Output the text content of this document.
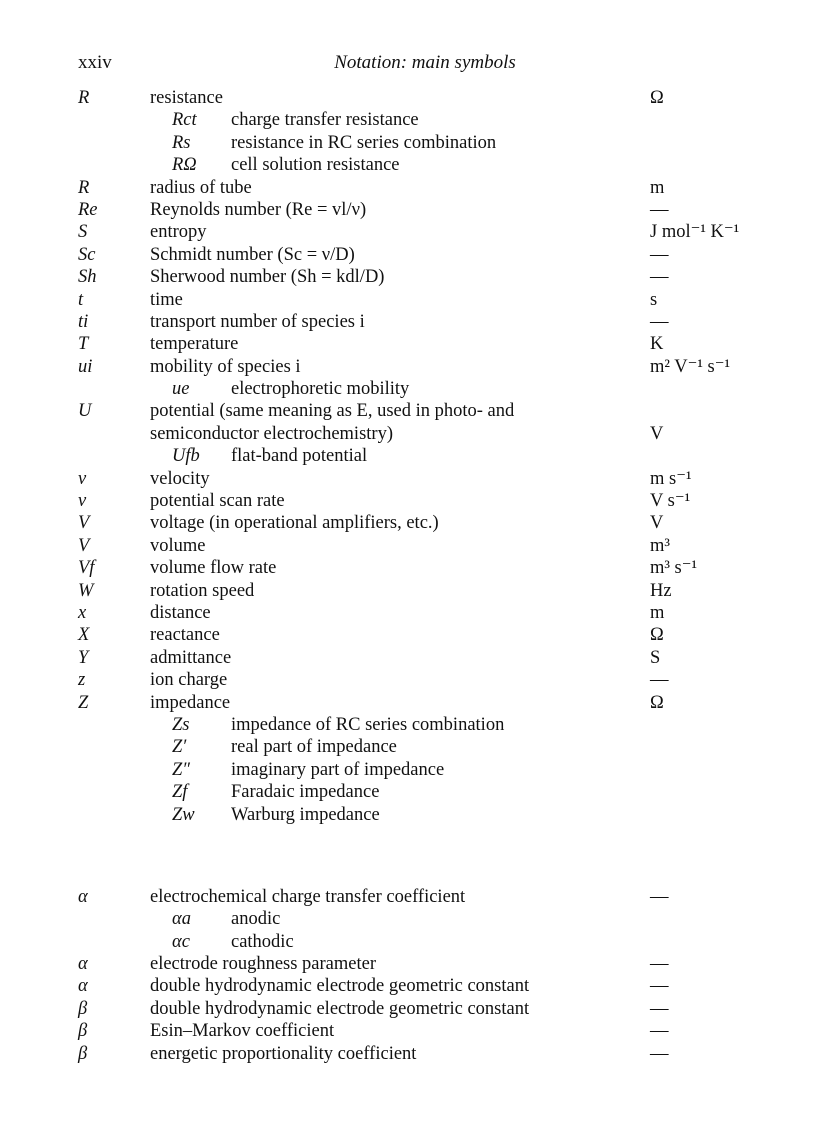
xxiv	Notation: main symbols
R	resistance	Ω
Rct charge transfer resistance
Rs resistance in RC series combination
RΩ cell solution resistance
R	radius of tube	m
Re	Reynolds number (Re = vl/ν)	—
S	entropy	J mol⁻¹ K⁻¹
Sc	Schmidt number (Sc = ν/D)	—
Sh	Sherwood number (Sh = kdl/D)	—
t	time	s
ti	transport number of species i	—
T	temperature	K
ui	mobility of species i	m² V⁻¹ s⁻¹
ue electrophoretic mobility
U	potential (same meaning as E, used in photo- and
semiconductor electrochemistry)	V
Ufb flat-band potential
v	velocity	m s⁻¹
v	potential scan rate	V s⁻¹
V	voltage (in operational amplifiers, etc.)	V
V	volume	m³
Vf	volume flow rate	m³ s⁻¹
W	rotation speed	Hz
x	distance	m
X	reactance	Ω
Y	admittance	S
z	ion charge	—
Z	impedance	Ω
Zs impedance of RC series combination
Z′ real part of impedance
Z″ imaginary part of impedance
Zf Faradaic impedance
Zw Warburg impedance
α	electrochemical charge transfer coefficient	—
αa anodic
αc cathodic
α	electrode roughness parameter	—
α	double hydrodynamic electrode geometric constant	—
β	double hydrodynamic electrode geometric constant	—
β	Esin–Markov coefficient	—
β	energetic proportionality coefficient	—
